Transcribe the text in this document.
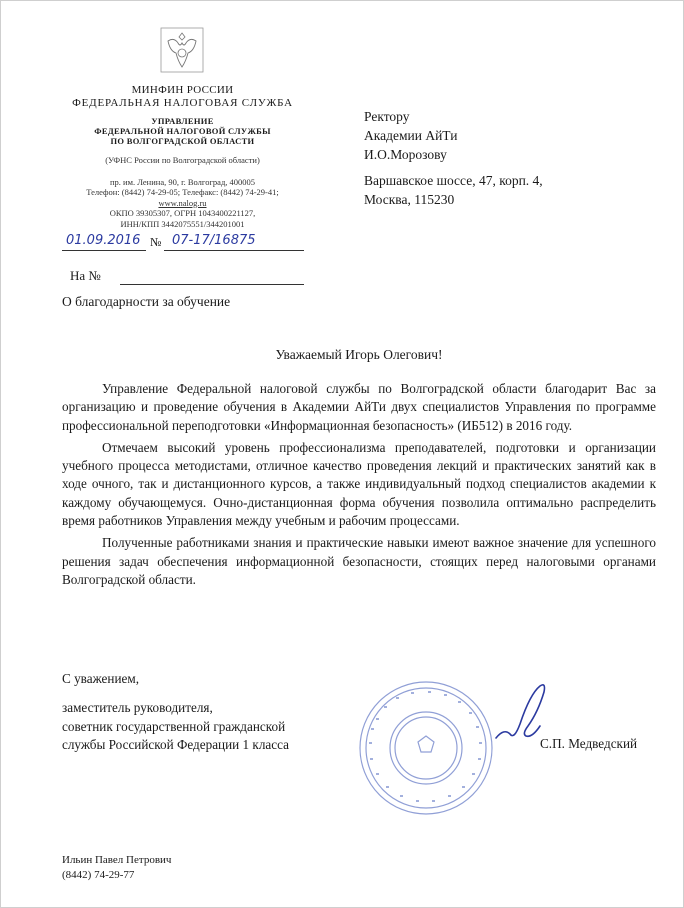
МИНФИН РОССИИ
ФЕДЕРАЛЬНАЯ НАЛОГОВАЯ СЛУЖБА
УПРАВЛЕНИЕ
ФЕДЕРАЛЬНОЙ НАЛОГОВОЙ СЛУЖБЫ
ПО ВОЛГОГРАДСКОЙ ОБЛАСТИ
(УФНС России по Волгоградской области)
пр. им. Ленина, 90, г. Волгоград, 400005
Телефон: (8442) 74-29-05; Телефакс: (8442) 74-29-41;
www.nalog.ru
ОКПО 39305307, ОГРН 1043400221127,
ИНН/КПП 3442075551/344201001
01.09.2016 № 07-17/16875
На №
Ректору
Академии АйТи
И.О.Морозову
Варшавское шоссе, 47, корп. 4,
Москва, 115230
О благодарности за обучение
Уважаемый Игорь Олегович!

Управление Федеральной налоговой службы по Волгоградской области благодарит Вас за организацию и проведение обучения в Академии АйТи двух специалистов Управления по программе профессиональной переподготовки «Информационная безопасность» (ИБ512) в 2016 году.

Отмечаем высокий уровень профессионализма преподавателей, подготовки и организации учебного процесса методистами, отличное качество проведения лекций и практических занятий как в ходе очного, так и дистанционного курсов, а также индивидуальный подход специалистов академии к каждому обучающемуся. Очно-дистанционная форма обучения позволила оптимально распределить время работников Управления между учебным и рабочим процессами.

Полученные работниками знания и практические навыки имеют важное значение для успешного решения задач обеспечения информационной безопасности, стоящих перед налоговыми органами Волгоградской области.

С уважением,
заместитель руководителя,
советник государственной гражданской
службы Российской Федерации 1 класса	С.П. Медведский
Ильин Павел Петрович
(8442) 74-29-77
